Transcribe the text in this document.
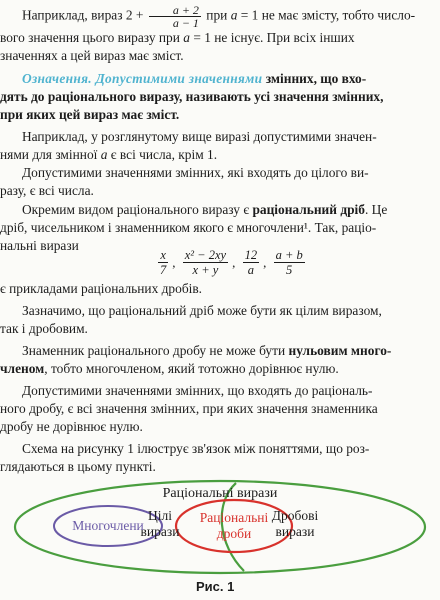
Наприклад, вираз $2 + \frac{a + 2}{a - 1}$ при a = 1 не має змісту, тобто число-

вого значення цього виразу при a = 1 не існує. При всіх інших

значеннях а цей вираз має зміст.

Означення. Допустимими значеннями змінних, що вхо-

дять до раціонального виразу, називають усі значення змінних,

при яких цей вираз має зміст.

Наприклад, у розглянутому вище виразі допустимими значен-

нями для змінної a є всі числа, крім 1.

Допустимими значеннями змінних, які входять до цілого ви-

разу, є всі числа.

Окремим видом раціонального виразу є раціональний дріб. Це

дріб, чисельником і знаменником якого є многочлени¹. Так, раціо-

нальні вирази

$\frac{x}{7}$ , $\frac{\text{x² − 2xy}}{x + y}$ , $\frac{12}{a}$ , $\frac{a + b}{5}$

є прикладами раціональних дробів.

Зазначимо, що раціональний дріб може бути як цілим виразом,

так і дробовим.

Знаменник раціонального дробу не може бути нульовим много-

членом, тобто многочленом, який тотожно дорівнює нулю.

Допустимими значеннями змінних, що входять до раціональ-

ного дробу, є всі значення змінних, при яких значення знаменника

дробу не дорівнює нулю.

Схема на рисунку 1 ілюструє зв'язок між поняттями, що роз-

глядаються в цьому пункті.

Раціональні вирази
Цілі
вирази
Дробові
вирази
Многочлени
Раціональні
дроби
Рис. 1
